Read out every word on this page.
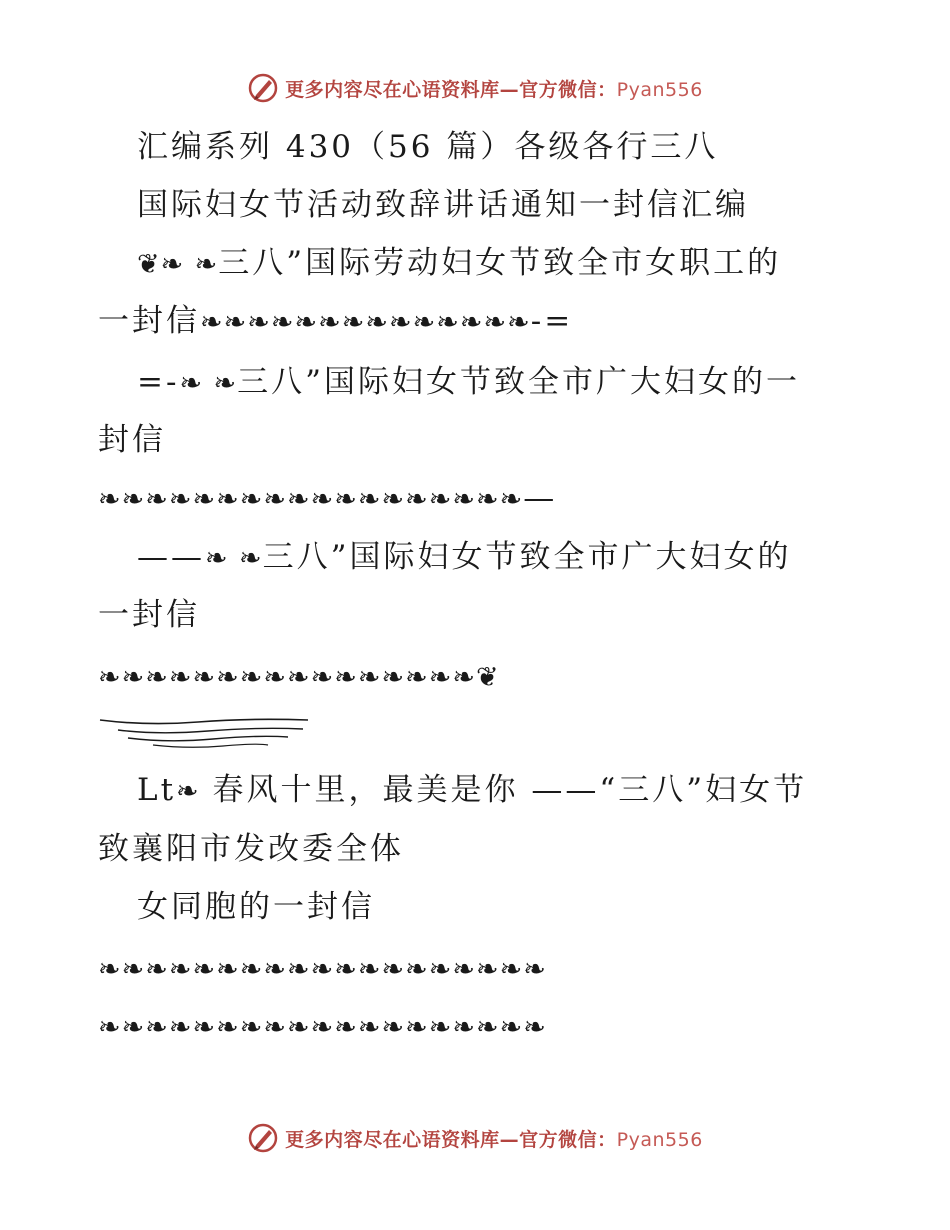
更多内容尽在心语资料库—官方微信：Pyan556
汇编系列 430（56 篇）各级各行三八
国际妇女节活动致辞讲话通知一封信汇编
❦❧ ❧三八”国际劳动妇女节致全市女职工的
一封信❧❧❧❧❧❧❧❧❧❧❧❧❧❧-=
=-❧ ❧三八”国际妇女节致全市广大妇女的一
封信
❧❧❧❧❧❧❧❧❧❧❧❧❧❧❧❧❧❧—
——❧ ❧三八”国际妇女节致全市广大妇女的
一封信
❧❧❧❧❧❧❧❧❧❧❧❧❧❧❧❧❦
Lt❧ 春风十里，最美是你 ——“三八”妇女节
致襄阳市发改委全体
女同胞的一封信
❧❧❧❧❧❧❧❧❧❧❧❧❧❧❧❧❧❧❧
❧❧❧❧❧❧❧❧❧❧❧❧❧❧❧❧❧❧❧
更多内容尽在心语资料库—官方微信：Pyan556
